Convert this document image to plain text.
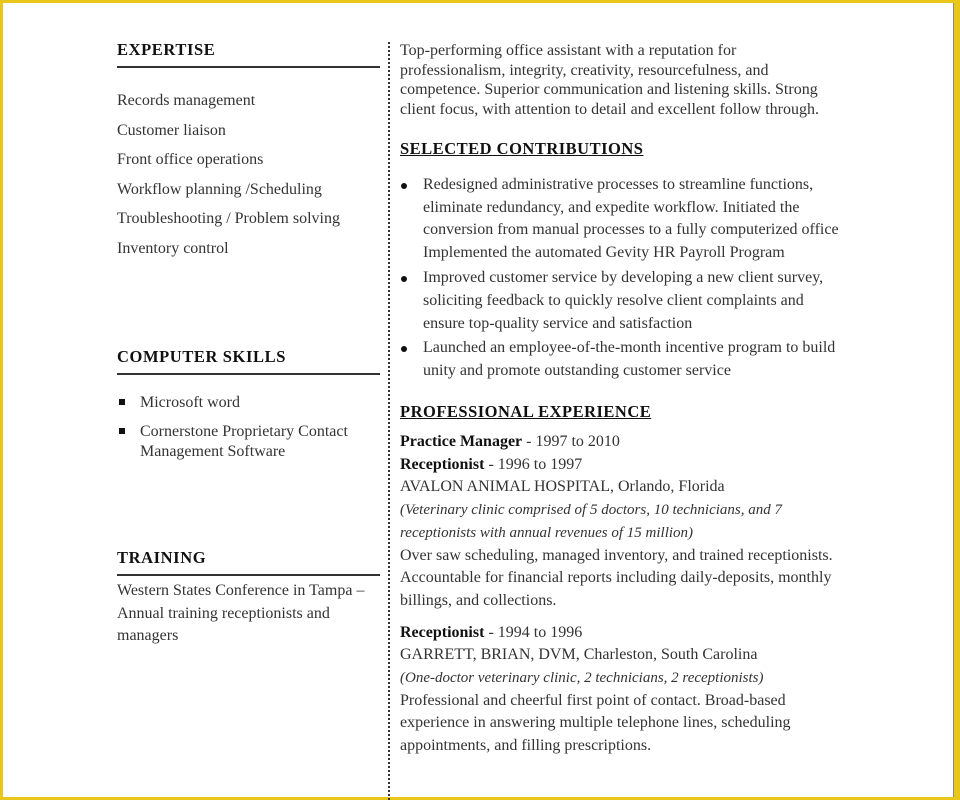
EXPERTISE
Records management
Customer liaison
Front office operations
Workflow planning /Scheduling
Troubleshooting / Problem solving
Inventory control
COMPUTER SKILLS
Microsoft word
Cornerstone Proprietary Contact Management Software
TRAINING
Western States Conference in Tampa – Annual training receptionists and managers
Top-performing office assistant with a reputation for professionalism, integrity, creativity, resourcefulness, and competence. Superior communication and listening skills. Strong client focus, with attention to detail and excellent follow through.
SELECTED CONTRIBUTIONS
Redesigned administrative processes to streamline functions, eliminate redundancy, and expedite workflow. Initiated the conversion from manual processes to a fully computerized office Implemented the automated Gevity HR Payroll Program
Improved customer service by developing a new client survey, soliciting feedback to quickly resolve client complaints and ensure top-quality service and satisfaction
Launched an employee-of-the-month incentive program to build unity and promote outstanding customer service
PROFESSIONAL EXPERIENCE
Practice Manager - 1997 to 2010
Receptionist - 1996 to 1997
AVALON ANIMAL HOSPITAL, Orlando, Florida
(Veterinary clinic comprised of 5 doctors, 10 technicians, and 7 receptionists with annual revenues of 15 million)
Over saw scheduling, managed inventory, and trained receptionists. Accountable for financial reports including daily-deposits, monthly billings, and collections.
Receptionist - 1994 to 1996
GARRETT, BRIAN, DVM, Charleston, South Carolina
(One-doctor veterinary clinic, 2 technicians, 2 receptionists)
Professional and cheerful first point of contact. Broad-based experience in answering multiple telephone lines, scheduling appointments, and filling prescriptions.
